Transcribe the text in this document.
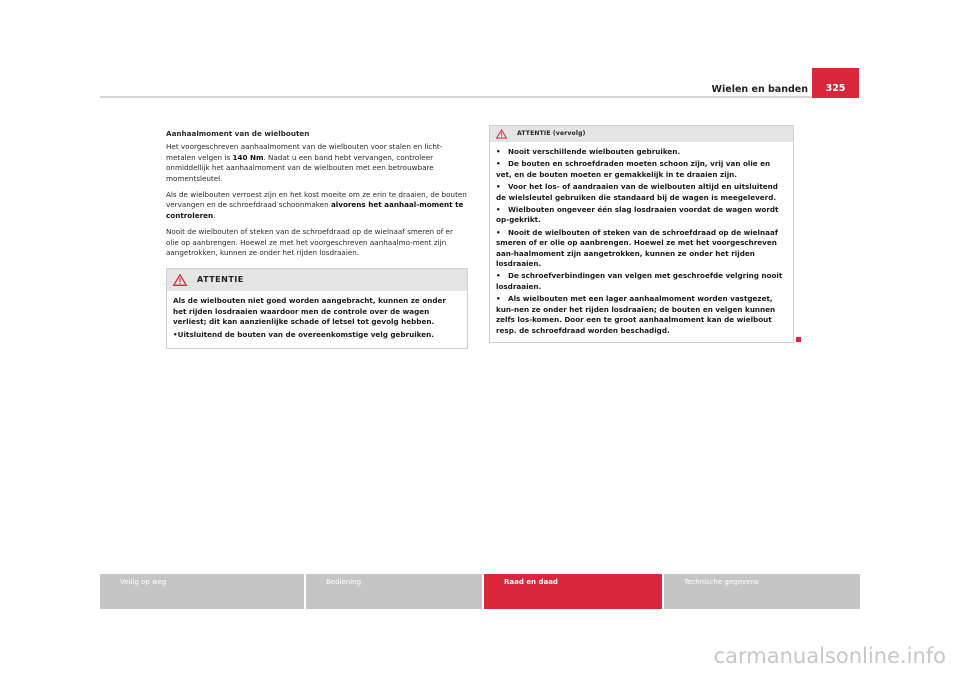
Wielen en banden	325
Aanhaalmoment van de wielbouten

Het voorgeschreven aanhaalmoment van de wielbouten voor stalen en licht-metalen velgen is 140 Nm. Nadat u een band hebt vervangen, controleer onmiddellijk het aanhaalmoment van de wielbouten met een betrouwbare momentsleutel.

Als de wielbouten verroest zijn en het kost moeite om ze erin te draaien, de bouten vervangen en de schroefdraad schoonmaken alvorens het aanhaal-moment te controleren.

Nooit de wielbouten of steken van de schroefdraad op de wielnaaf smeren of er olie op aanbrengen. Hoewel ze met het voorgeschreven aanhaalmo-ment zijn aangetrokken, kunnen ze onder het rijden losdraaien.

ATTENTIE

Als de wielbouten niet goed worden aangebracht, kunnen ze onder het rijden losdraaien waardoor men de controle over de wagen verliest; dit kan aanzienlijke schade of letsel tot gevolg hebben.

•Uitsluitend de bouten van de overeenkomstige velg gebruiken.

ATTENTIE (vervolg)

• Nooit verschillende wielbouten gebruiken.

• De bouten en schroefdraden moeten schoon zijn, vrij van olie en vet, en de bouten moeten er gemakkelijk in te draaien zijn.

• Voor het los- of aandraaien van de wielbouten altijd en uitsluitend de wielsleutel gebruiken die standaard bij de wagen is meegeleverd.

• Wielbouten ongeveer één slag losdraaien voordat de wagen wordt op-gekrikt.

• Nooit de wielbouten of steken van de schroefdraad op de wielnaaf smeren of er olie op aanbrengen. Hoewel ze met het voorgeschreven aan-haalmoment zijn aangetrokken, kunnen ze onder het rijden losdraaien.

• De schroefverbindingen van velgen met geschroefde velgring nooit losdraaien.

• Als wielbouten met een lager aanhaalmoment worden vastgezet, kun-nen ze onder het rijden losdraaien; de bouten en velgen kunnen zelfs los-komen. Door een te groot aanhaalmoment kan de wielbout resp. de schroefdraad worden beschadigd.

Veilig op weg	Bediening	Raad en daad	Technische gegevens
carmanualsonline.info
